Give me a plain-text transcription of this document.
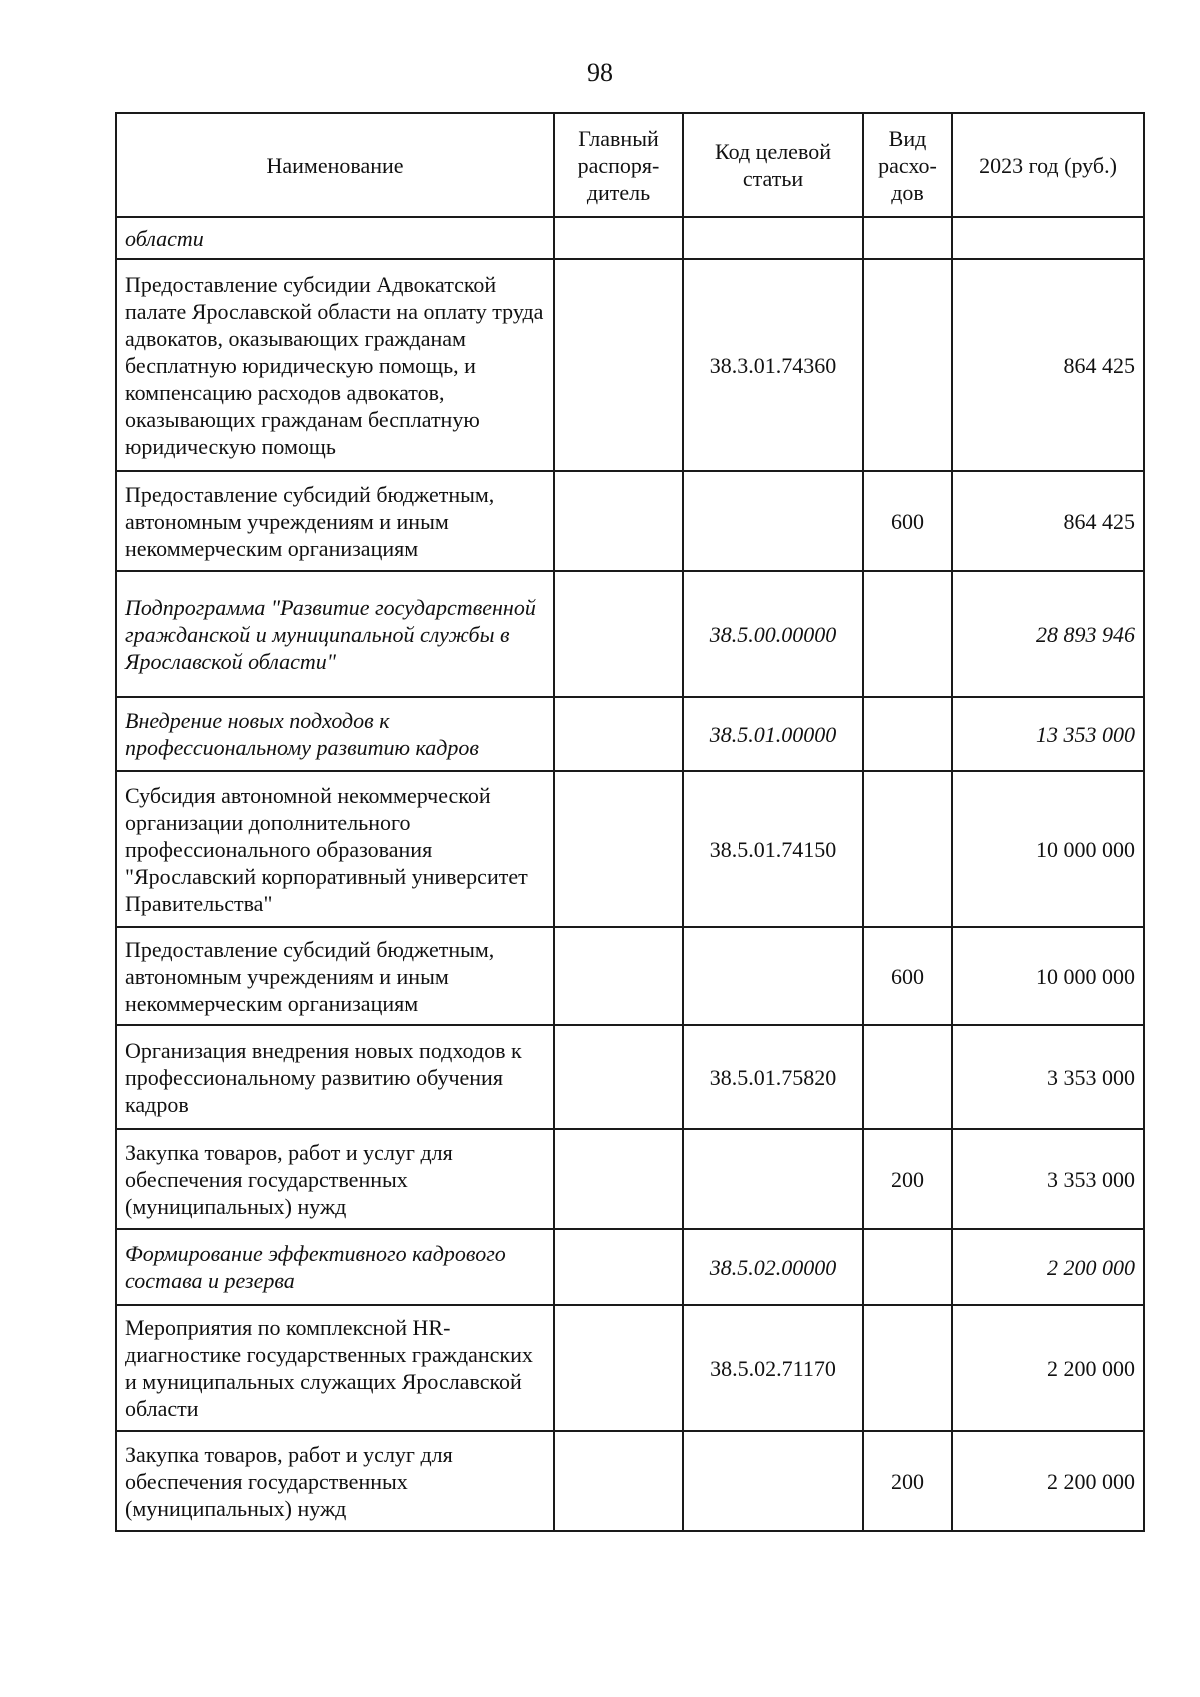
98
Наименование	Главный распоря-дитель	Код целевой статьи	Вид расхо-дов	2023 год (руб.)
области				
Предоставление субсидии Адвокатской палате Ярославской области на оплату труда адвокатов, оказывающих гражданам бесплатную юридическую помощь, и компенсацию расходов адвокатов, оказывающих гражданам бесплатную юридическую помощь		38.3.01.74360		864 425
Предоставление субсидий бюджетным, автономным учреждениям и иным некоммерческим организациям			600	864 425
Подпрограмма "Развитие государственной гражданской и муниципальной службы в Ярославской области"		38.5.00.00000		28 893 946
Внедрение новых подходов к профессиональному развитию кадров		38.5.01.00000		13 353 000
Субсидия автономной некоммерческой организации дополнительного профессионального образования "Ярославский корпоративный университет Правительства"		38.5.01.74150		10 000 000
Предоставление субсидий бюджетным, автономным учреждениям и иным некоммерческим организациям			600	10 000 000
Организация внедрения новых подходов к профессиональному развитию обучения кадров		38.5.01.75820		3 353 000
Закупка товаров, работ и услуг для обеспечения государственных (муниципальных) нужд			200	3 353 000
Формирование эффективного кадрового состава и резерва		38.5.02.00000		2 200 000
Мероприятия по комплексной HR-диагностике государственных гражданских и муниципальных служащих Ярославской области		38.5.02.71170		2 200 000
Закупка товаров, работ и услуг для обеспечения государственных (муниципальных) нужд			200	2 200 000
